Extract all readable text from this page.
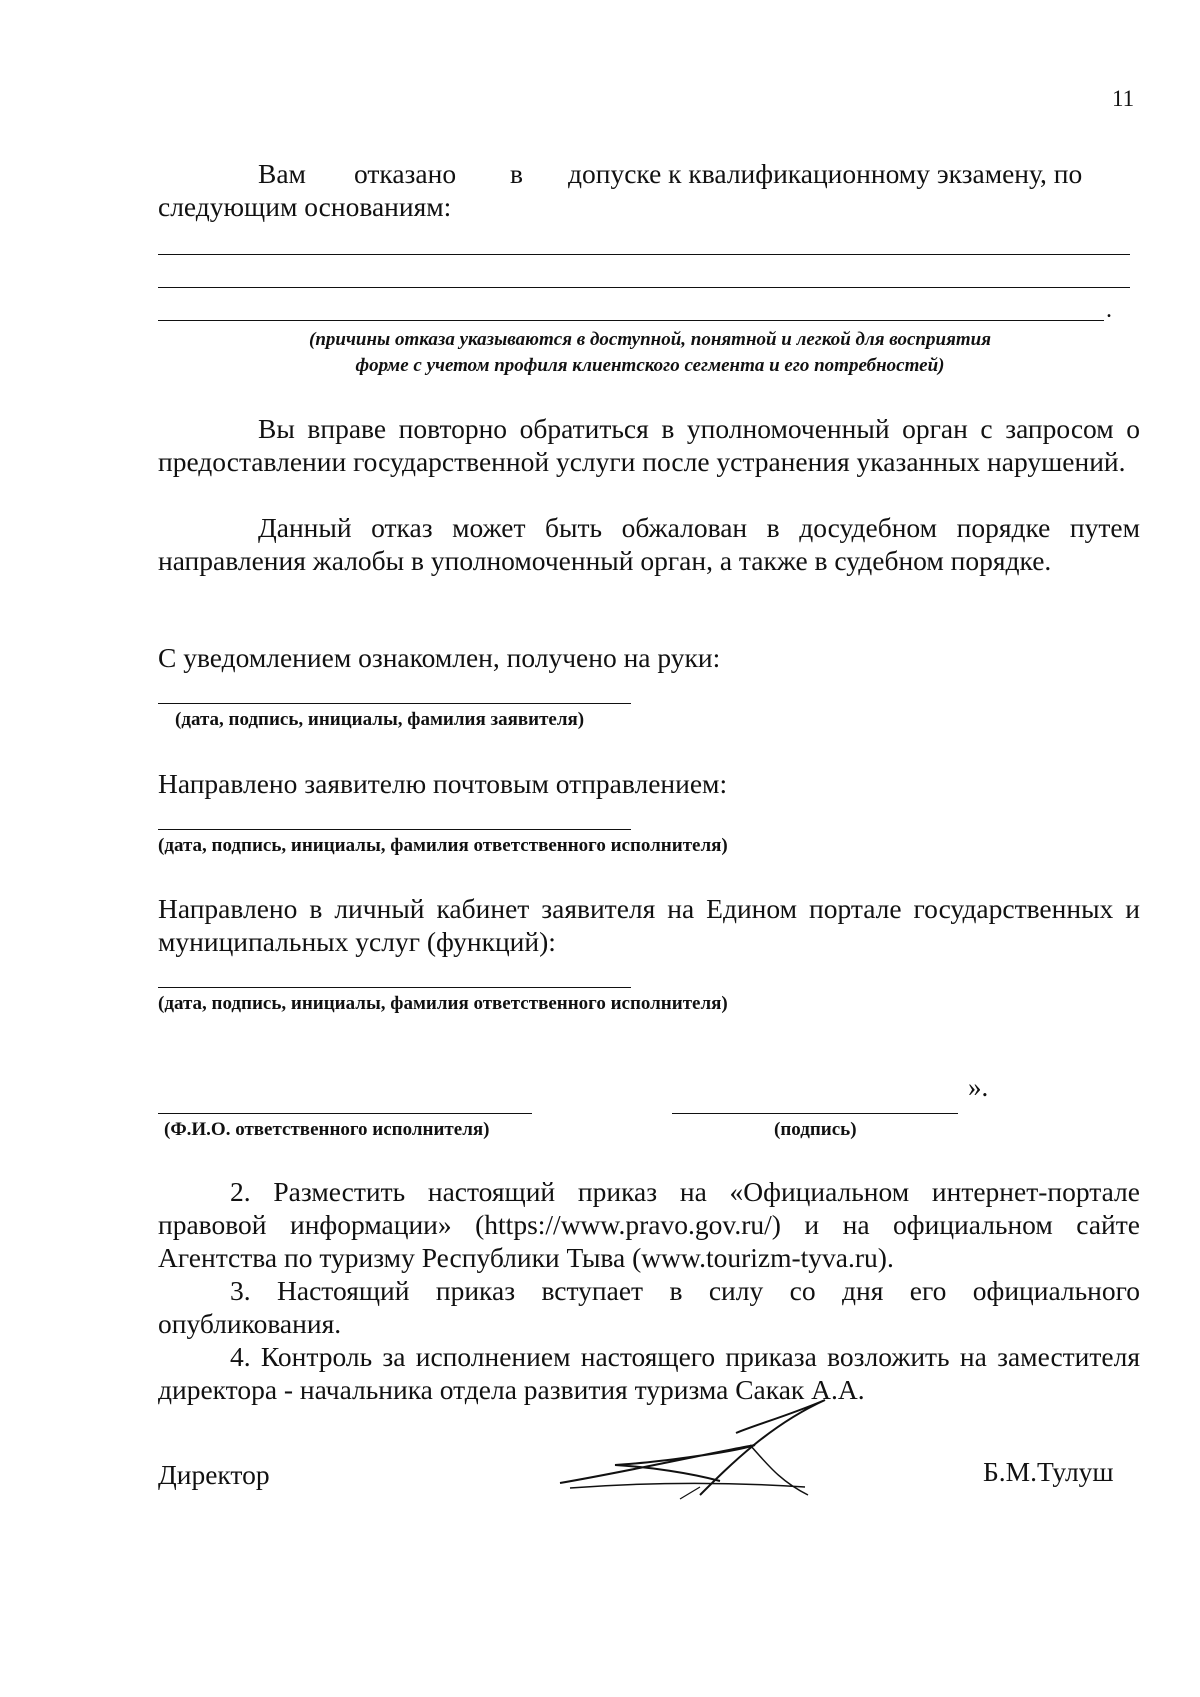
11
Вам отказано в допуске к квалификационному экзамену, по
следующим основаниям:
.
(причины отказа указываются в доступной, понятной и легкой для восприятия
форме с учетом профиля клиентского сегмента и его потребностей)
Вы вправе повторно обратиться в уполномоченный орган с запросом о предоставлении государственной услуги после устранения указанных нарушений.
Данный отказ может быть обжалован в досудебном порядке путем направления жалобы в уполномоченный орган, а также в судебном порядке.
С уведомлением ознакомлен, получено на руки:
(дата, подпись, инициалы, фамилия заявителя)
Направлено заявителю почтовым отправлением:
(дата, подпись, инициалы, фамилия ответственного исполнителя)
Направлено в личный кабинет заявителя на Едином портале государственных и муниципальных услуг (функций):
(дата, подпись, инициалы, фамилия ответственного исполнителя)
».
(Ф.И.О. ответственного исполнителя)	(подпись)
2. Разместить настоящий приказ на «Официальном интернет-портале правовой информации» (https://www.pravo.gov.ru/) и на официальном сайте Агентства по туризму Республики Тыва (www.tourizm-tyva.ru).
3. Настоящий приказ вступает в силу со дня его официального опубликования.
4. Контроль за исполнением настоящего приказа возложить на заместителя директора - начальника отдела развития туризма Сакак А.А.
Директор	Б.М.Тулуш
